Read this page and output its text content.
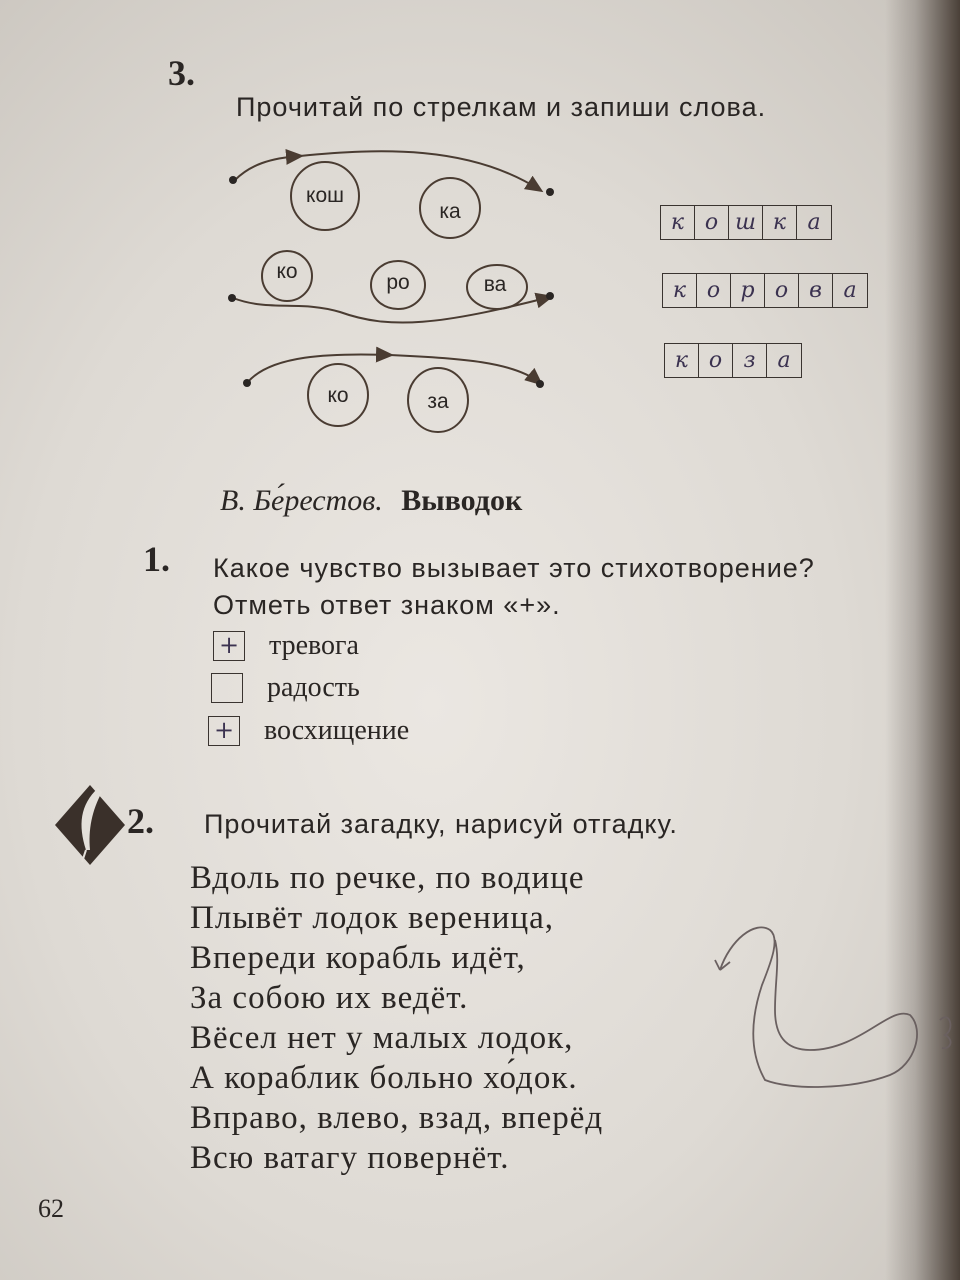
3.
Прочитай по стрелкам и запиши слова.
кош
ка
ко	ро	ва
ко	за
к о ш к а
к о р о в а
к о з а
В. Бе́рестов. Выводок
1. Какое чувство вызывает это стихотворение?
Отметь ответ знаком «+».
+ тревога
радость
+ восхищение
2. Прочитай загадку, нарисуй отгадку.
Вдоль по речке, по водице
Плывёт лодок вереница,
Впереди корабль идёт,
За собою их ведёт.
Вёсел нет у малых лодок,
А кораблик больно хо́док.
Вправо, влево, взад, вперёд
Всю ватагу повернёт.
62
